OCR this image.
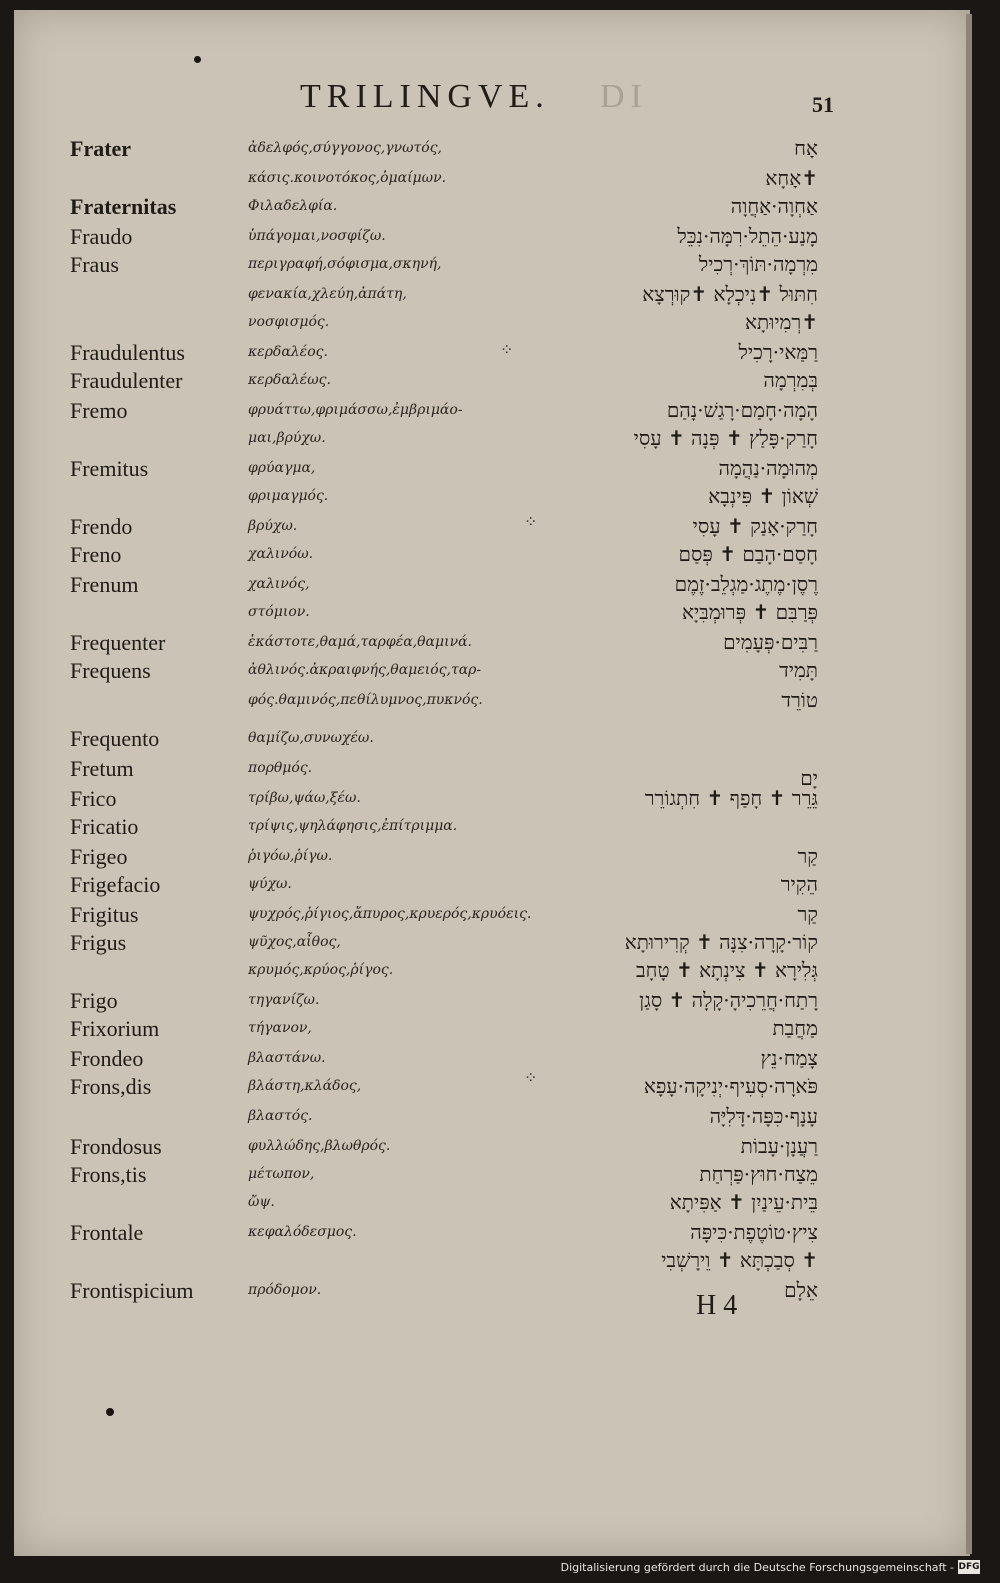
DI
TRILINGVE.	51
Frater	ἀδελφός,σύγγονος,γνωτός,	אָח
κάσις.κοινοτόκος,ὁμαίμων.	✝אָחָא
Fraternitas	Φιλαδελφία.	אַחְוָה·אַחֲוָה
Fraudo	ὑπάγομαι,νοσφίζω.	מָנַע·הֵתֵל·רִמָּה·נִכֵּל
Fraus	περιγραφή,σόφισμα,σκηνή,	מִרְמָה·תּוֹךְ·רְכִיל
φενακία,χλεύη,ἀπάτη,	חִתּוּל ✝נִיכְלָא ✝קוּרְצָא
νοσφισμός.	✝רְמִיוּתָא
Fraudulentus	κερδαλέος.	רַמַּאי·רָכִיל
Fraudulenter	κερδαλέως.	בְּמִרְמָה
Fremo	φρυάττω,φριμάσσω,ἐμβριμάο-	הָמָה·חָמַם·רָגַשׁ·נָהַם
μαι,βρύχω.	חָרַק·פָּלַץ ✝ פְּנָה ✝ עָסִי
Fremitus	φρύαγμα,	מְהוּמָה·נַהֲמָה
φριμαγμός.	שְׁאוֹן ✝ פִּינְבָא
Frendo	βρύχω.	חָרַק·אָנַק ✝ עָסִי
Freno	χαλινόω.	חָסַם·הָבַם ✝ פְּסַם
Frenum	χαλινός,	רֶסֶן·מֶתֶג·מַגְלֵב·זֶמֶם
στόμιον.	פְּרַבִּם ✝ פְּרוּמְבִּיָא
Frequenter	ἑκάστοτε,θαμά,ταρφέα,θαμινά.	רַבִּים·פְּעָמִים
Frequens	ἀθλινός.ἀκραιφνής,θαμειός,ταρ-	תָּמִיד
φός.θαμινός,πεθίλυμνος,πυκνός.	טוֹרֵד
Frequento	θαμίζω,συνωχέω.
Fretum	πορθμός.	יָם
Frico	τρίβω,ψάω,ξέω.	גֵּרֵר ✝ חָפַף ✝ חִתְגוֹרֵר
Fricatio	τρίψις,ψηλάφησις,ἐπίτριμμα.
Frigeo	ῥιγόω,ῥίγω.	קַר
Frigefacio	ψύχω.	הֵקִיר
Frigitus	ψυχρός,ῥίγιος,ἄπυρος,κρυερός,κρυόεις.	קַר
Frigus	ψῦχος,αἶθος,	קוֹר·קָרָה·צִנָּה ✝ קְרִירוּתָא
κρυμός,κρύος,ῥίγος.	גְּלִירָא ✝ צִינְתָא ✝ טָחָב
Frigo	τηγανίζω.	רָתַח·חֲרֵכִיהָ·קָלָה ✝ סָגַן
Frixorium	τήγανον,	מַחֲבַת
Frondeo	βλαστάνω.	צָמַח·נֵץ
Frons,dis	βλάστη,κλάδος,	פֹּארָה·סְעִיף·יְנִיקָה·עָפָא
βλαστός.	עָנָף·כִּפָּה·דָּלִיָּה
Frondosus	φυλλώδης,βλωθρός.	רַעֲנָן·עָבוֹת
Frons,tis	μέτωπον,	מֵצַח·חוּץ·פַּרְחַת
ὤψ.	בֵּית·עֵינַיִן ✝ אַפִּיתָא
Frontale	κεφαλόδεσμος.	צִיץ·טוֹטֶפֶת·כִּיפָּה
✝ סְבַכְתָּא ✝ וֵירָשְׁבִי
Frontispicium	πρόδομον.	אֵלָם
⁘
⁘
⁘
H 4
Digitalisierung gefördert durch die Deutsche Forschungsgemeinschaft - DFG
